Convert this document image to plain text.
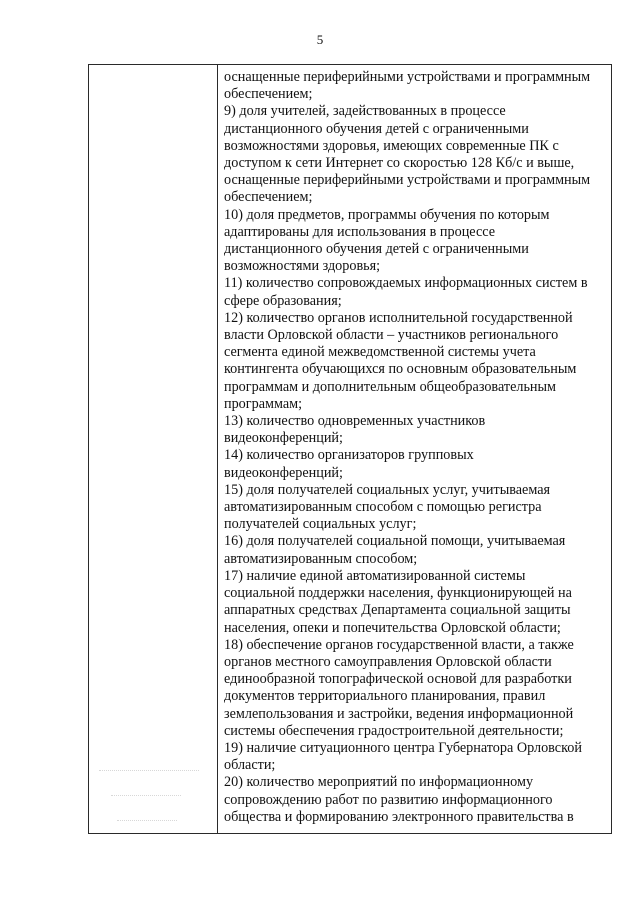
5
оснащенные периферийными устройствами и программным
обеспечением;
9) доля учителей, задействованных в процессе
дистанционного обучения детей с ограниченными
возможностями здоровья, имеющих современные ПК с
доступом к сети Интернет со скоростью 128 Кб/с и выше,
оснащенные периферийными устройствами и программным
обеспечением;
10) доля предметов, программы обучения по которым
адаптированы для использования в процессе
дистанционного обучения детей с ограниченными
возможностями здоровья;
11) количество сопровождаемых информационных систем в
сфере образования;
12) количество органов исполнительной государственной
власти Орловской области – участников регионального
сегмента единой межведомственной системы учета
контингента обучающихся по основным образовательным
программам и дополнительным общеобразовательным
программам;
13) количество одновременных участников
видеоконференций;
14) количество организаторов групповых
видеоконференций;
15) доля получателей социальных услуг, учитываемая
автоматизированным способом с помощью регистра
получателей социальных услуг;
16) доля получателей социальной помощи, учитываемая
автоматизированным способом;
17) наличие единой автоматизированной системы
социальной поддержки населения, функционирующей на
аппаратных средствах Департамента социальной защиты
населения, опеки и попечительства Орловской области;
18) обеспечение органов государственной власти, а также
органов местного самоуправления Орловской области
единообразной топографической основой для разработки
документов территориального планирования, правил
землепользования и застройки, ведения информационной
системы обеспечения градостроительной деятельности;
19) наличие ситуационного центра Губернатора Орловской
области;
20) количество мероприятий по информационному
сопровождению работ по развитию информационного
общества и формированию электронного правительства в
